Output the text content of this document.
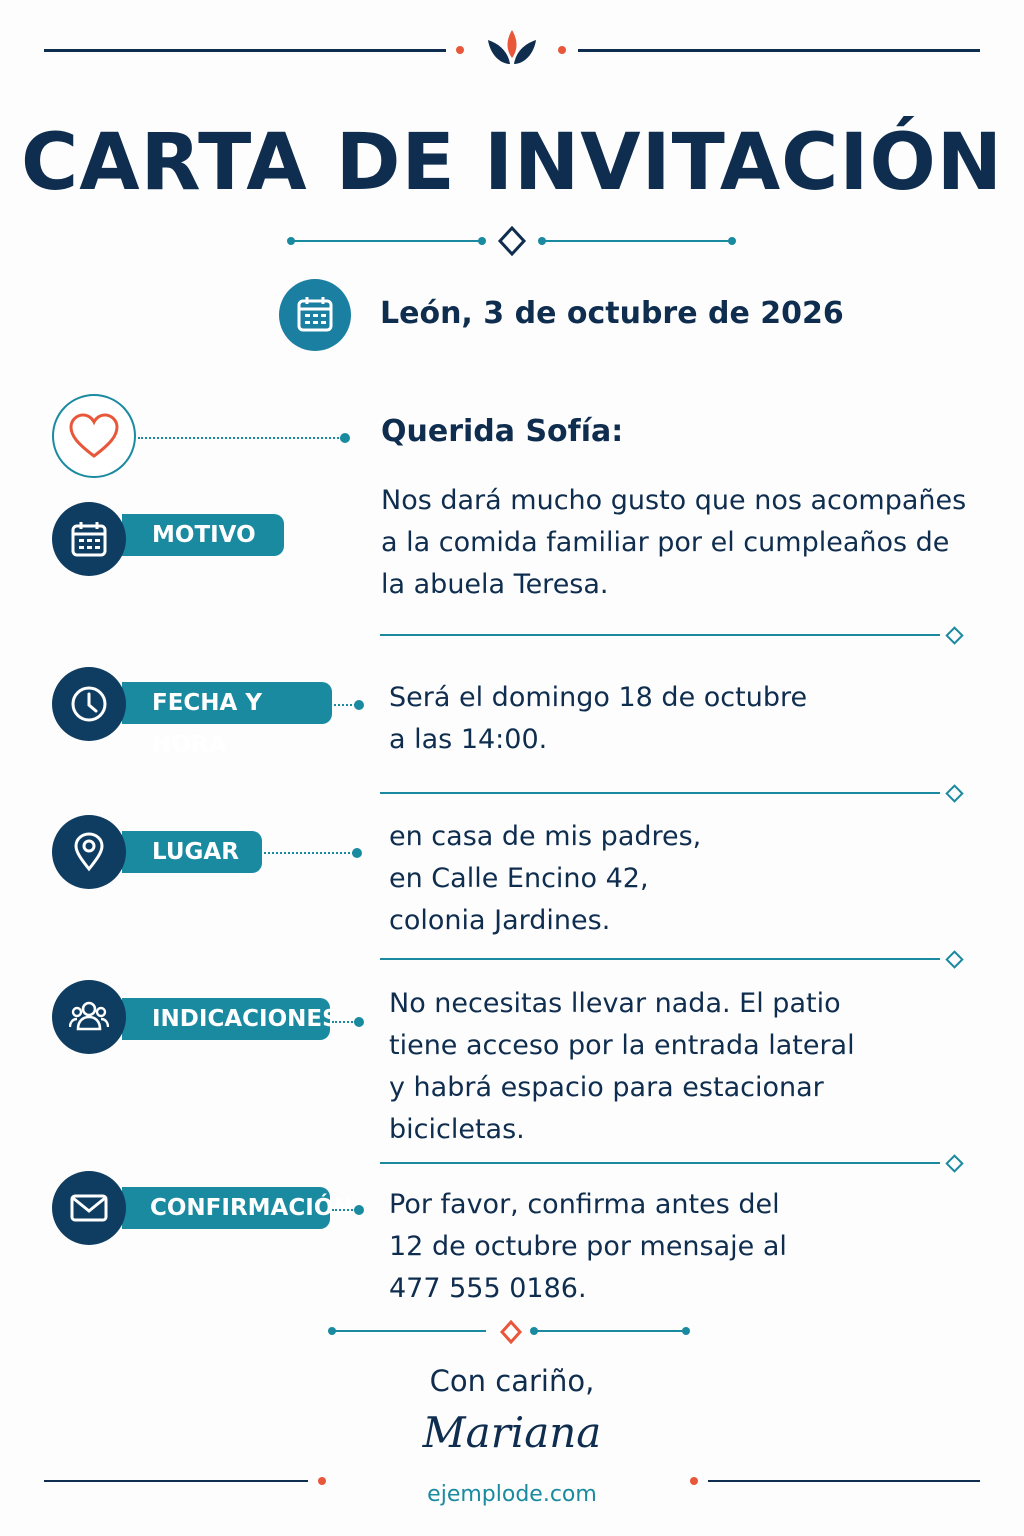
CARTA DE INVITACIÓN
León, 3 de octubre de 2026
Querida Sofía:
MOTIVO
Nos dará mucho gusto que nos acompañes
a la comida familiar por el cumpleaños de
la abuela Teresa.
FECHA Y HORA
Será el domingo 18 de octubre
a las 14:00.
LUGAR	en casa de mis padres,
en Calle Encino 42,
colonia Jardines.
INDICACIONES No necesitas llevar nada. El patio
tiene acceso por la entrada lateral
y habrá espacio para estacionar
bicicletas.
CONFIRMACIÓN Por favor, confirma antes del
12 de octubre por mensaje al
477 555 0186.
Con cariño,
Mariana
ejemplode.com
